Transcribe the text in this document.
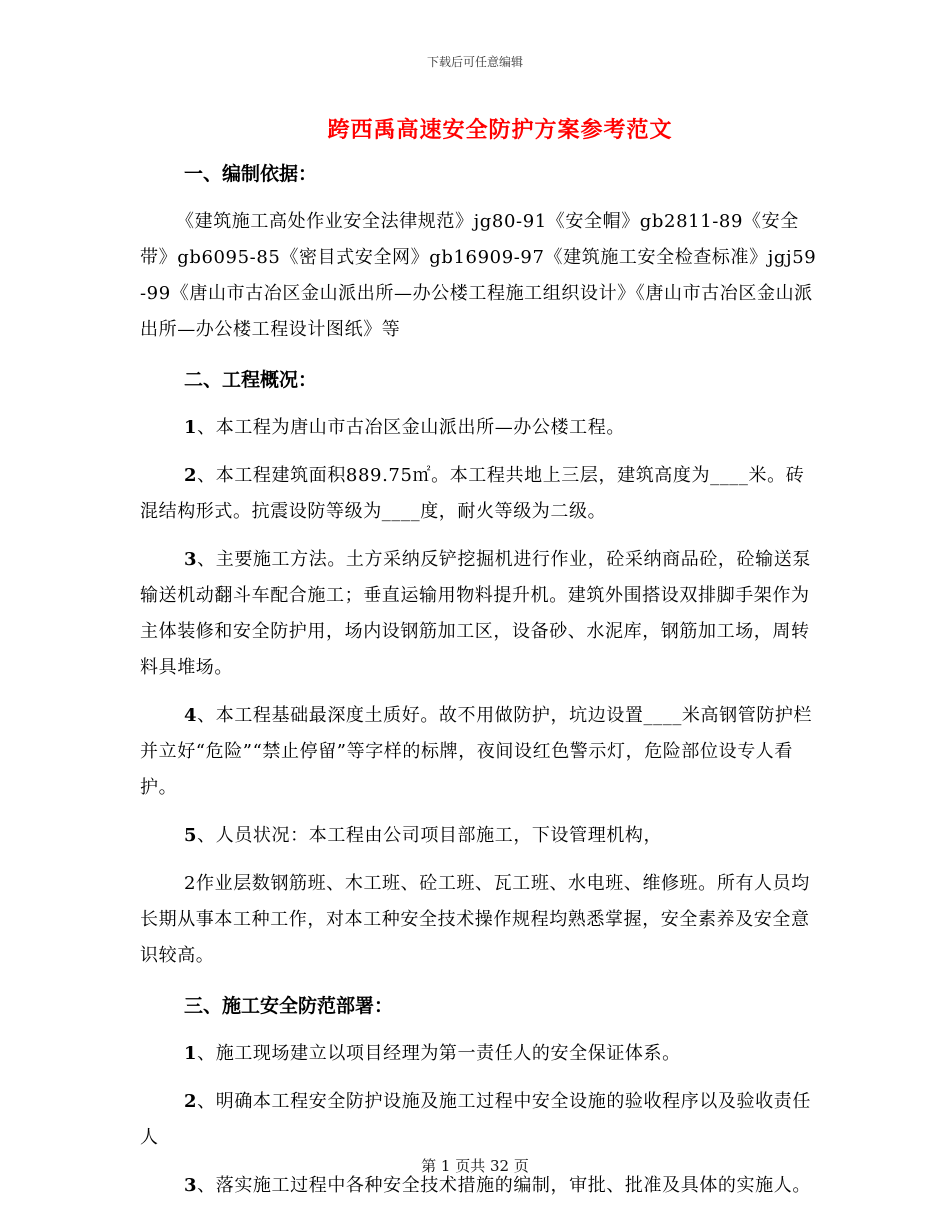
下载后可任意编辑
跨西禹高速安全防护方案参考范文
一、编制依据：

《建筑施工高处作业安全法律规范》jg80-91《安全帽》gb2811-89《安全带》gb6095-85《密目式安全网》gb16909-97《建筑施工安全检查标准》jgj59-99《唐山市古冶区金山派出所—办公楼工程施工组织设计》《唐山市古冶区金山派出所—办公楼工程设计图纸》等

二、工程概况：

1、本工程为唐山市古冶区金山派出所—办公楼工程。

2、本工程建筑面积889.75㎡。本工程共地上三层，建筑高度为____米。砖混结构形式。抗震设防等级为____度，耐火等级为二级。

3、主要施工方法。土方采纳反铲挖掘机进行作业，砼采纳商品砼，砼输送泵输送机动翻斗车配合施工；垂直运输用物料提升机。建筑外围搭设双排脚手架作为主体装修和安全防护用，场内设钢筋加工区，设备砂、水泥库，钢筋加工场，周转料具堆场。

4、本工程基础最深度土质好。故不用做防护，坑边设置____米高钢管防护栏并立好“危险”“禁止停留”等字样的标牌，夜间设红色警示灯，危险部位设专人看护。

5、人员状况：本工程由公司项目部施工，下设管理机构，

2作业层数钢筋班、木工班、砼工班、瓦工班、水电班、维修班。所有人员均长期从事本工种工作，对本工种安全技术操作规程均熟悉掌握，安全素养及安全意识较高。

三、施工安全防范部署：

1、施工现场建立以项目经理为第一责任人的安全保证体系。

2、明确本工程安全防护设施及施工过程中安全设施的验收程序以及验收责任人

3、落实施工过程中各种安全技术措施的编制，审批、批准及具体的实施人。

第 1 页共 32 页
